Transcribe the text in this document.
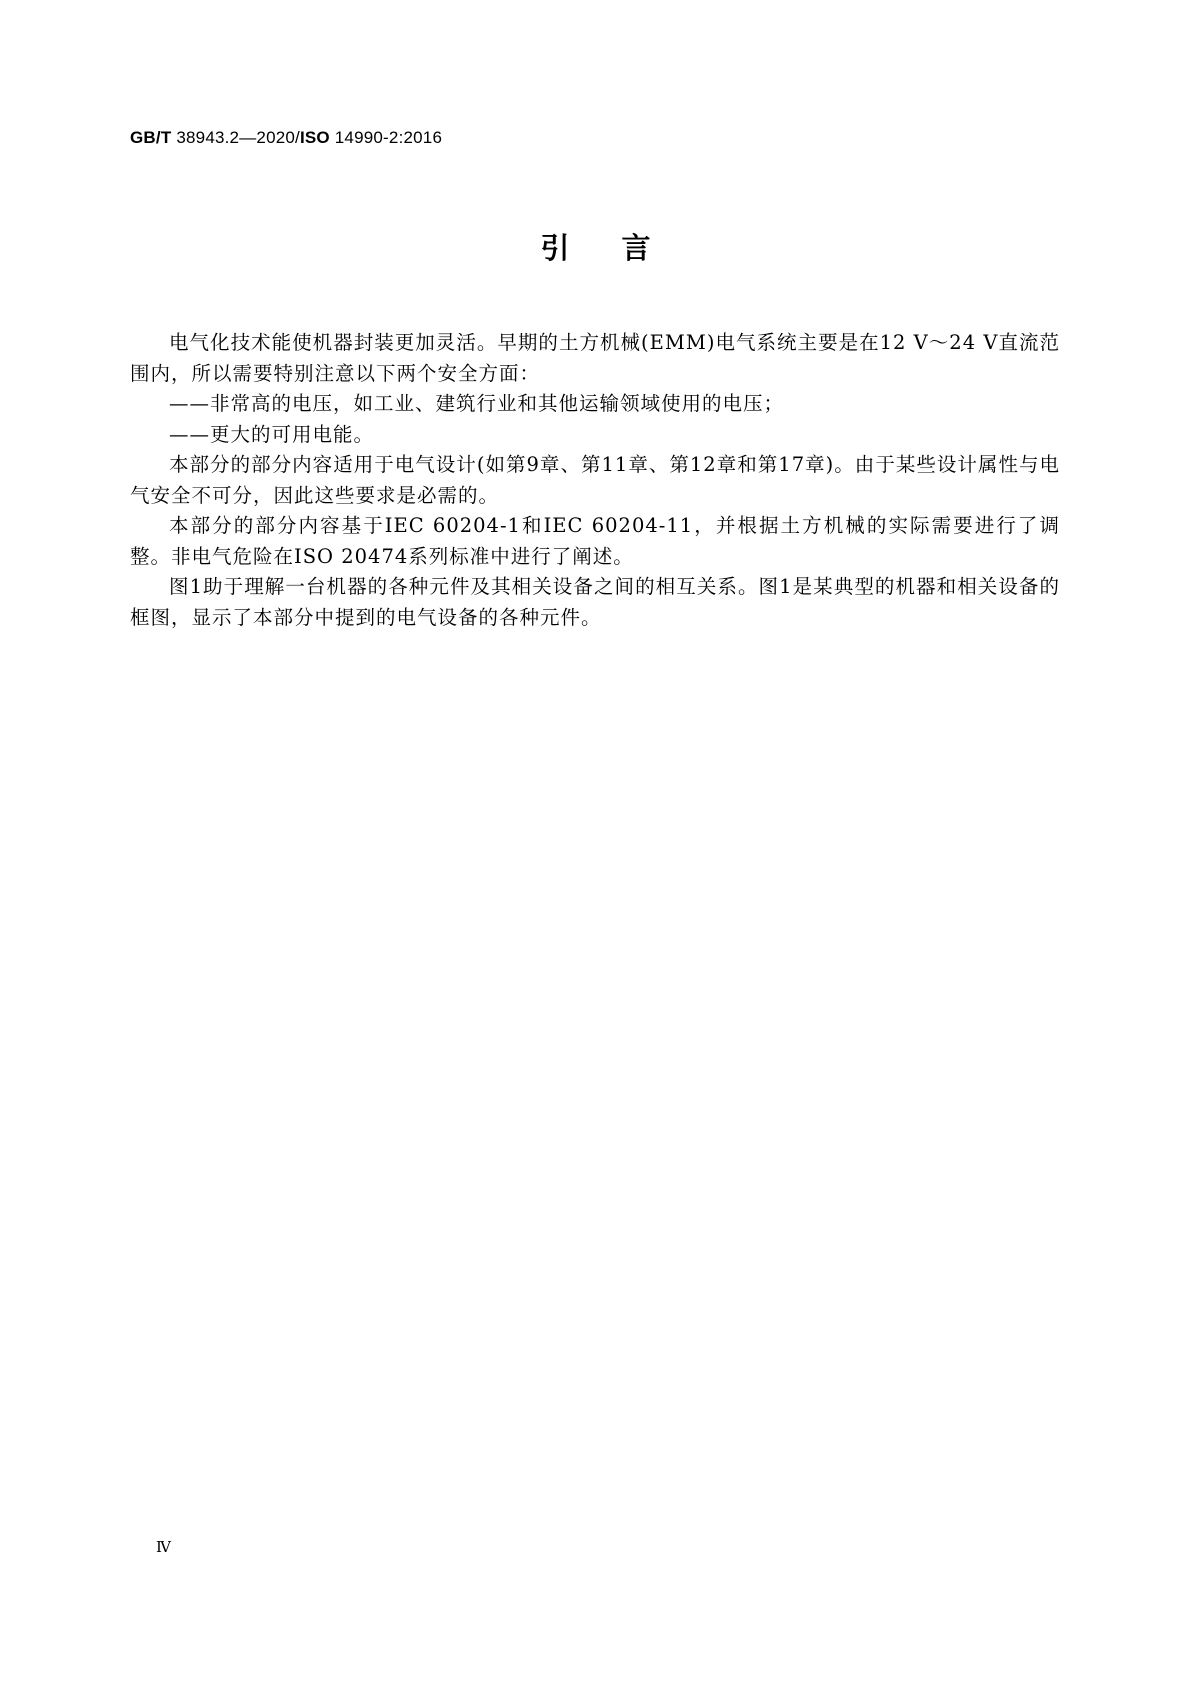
GB/T 38943.2—2020/ISO 14990-2:2016
引言

电气化技术能使机器封装更加灵活。早期的土方机械(EMM)电气系统主要是在12 V～24 V直流范围内，所以需要特别注意以下两个安全方面：

——非常高的电压，如工业、建筑行业和其他运输领域使用的电压；

——更大的可用电能。

本部分的部分内容适用于电气设计(如第9章、第11章、第12章和第17章)。由于某些设计属性与电气安全不可分，因此这些要求是必需的。

本部分的部分内容基于IEC 60204-1和IEC 60204-11，并根据土方机械的实际需要进行了调整。非电气危险在ISO 20474系列标准中进行了阐述。

图1助于理解一台机器的各种元件及其相关设备之间的相互关系。图1是某典型的机器和相关设备的框图，显示了本部分中提到的电气设备的各种元件。

Ⅳ
